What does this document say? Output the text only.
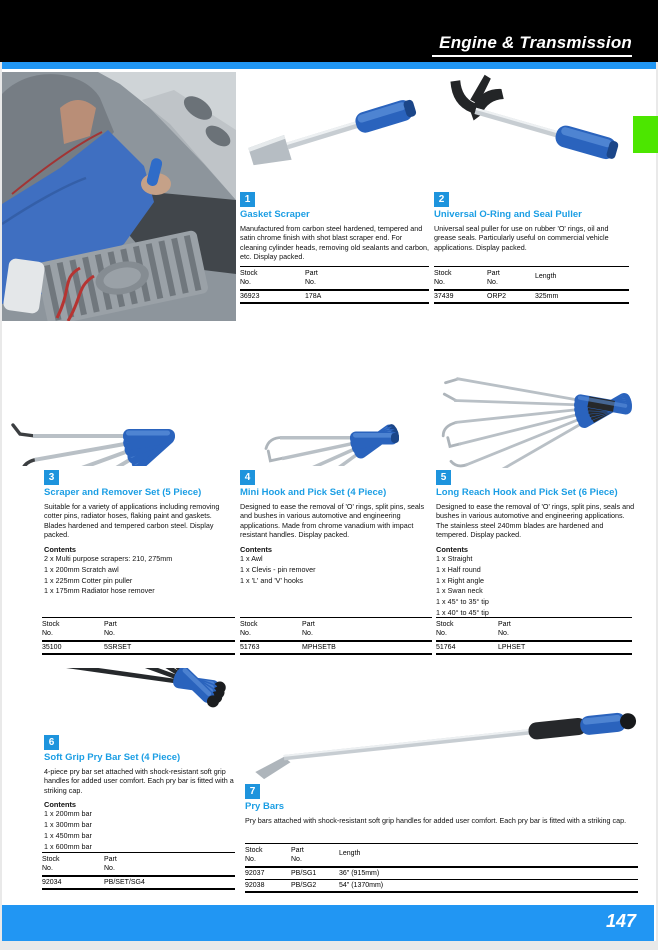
Engine & Transmission
1
Gasket Scraper
Manufactured from carbon steel hardened, tempered and satin chrome finish with shot blast scraper end. For cleaning cylinder heads, removing old sealants and carbon, etc. Display packed.
Stock
No.
Part
No.
36923	178A
2
Universal O-Ring and Seal Puller
Universal seal puller for use on rubber 'O' rings, oil and grease seals. Particularly useful on commercial vehicle applications. Display packed.
Stock
No.
Part
No.
Length
37439	ORP2	325mm
3
Scraper and Remover Set (5 Piece)
Suitable for a variety of applications including removing cotter pins, radiator hoses, flaking paint and gaskets. Blades hardened and tempered carbon steel. Display packed.
Contents
2 x Multi purpose scrapers: 210, 275mm
1 x 200mm Scratch awl
1 x 225mm Cotter pin puller
1 x 175mm Radiator hose remover
Stock
No.
Part
No.
35100	5SRSET
4
Mini Hook and Pick Set (4 Piece)
Designed to ease the removal of 'O' rings, split pins, seals and bushes in various automotive and engineering applications. Made from chrome vanadium with impact resistant handles. Display packed.
Contents
1 x Awl
1 x Clevis - pin remover
1 x 'L' and 'V' hooks
Stock
No.
Part
No.
51763	MPHSETB
5
Long Reach Hook and Pick Set (6 Piece)
Designed to ease the removal of 'O' rings, split pins, seals and bushes in various automotive and engineering applications. The stainless steel 240mm blades are hardened and tempered. Display packed.
Contents
1 x Straight
1 x Half round
1 x Right angle
1 x Swan neck
1 x 45° to 35° tip
1 x 40° to 45° tip
Stock
No.
Part
No.
51764	LPHSET
6
Soft Grip Pry Bar Set (4 Piece)
4-piece pry bar set attached with shock-resistant soft grip handles for added user comfort. Each pry bar is fitted with a striking cap.
Contents
1 x 200mm bar
1 x 300mm bar
1 x 450mm bar
1 x 600mm bar
Stock
No.
Part
No.
92034	PB/SET/SG4
7
Pry Bars
Pry bars attached with shock-resistant soft grip handles for added user comfort. Each pry bar is fitted with a striking cap.
Stock
No.
Part
No.
Length
92037	PB/SG1	36" (915mm)
92038	PB/SG2	54" (1370mm)
147
